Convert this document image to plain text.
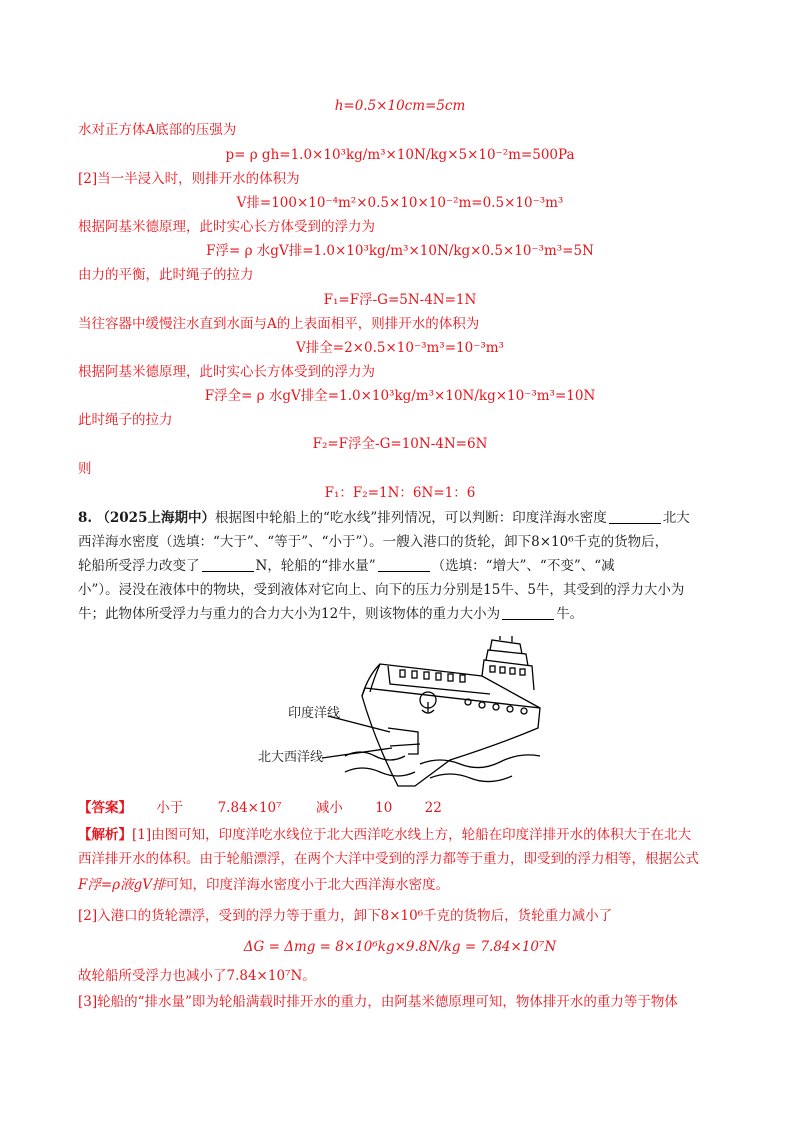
h=0.5×10cm=5cm
水对正方体A底部的压强为
p= ρ gh=1.0×10³kg/m³×10N/kg×5×10⁻²m=500Pa
[2]当一半浸入时，则排开水的体积为
V排=100×10⁻⁴m²×0.5×10×10⁻²m=0.5×10⁻³m³
根据阿基米德原理，此时实心长方体受到的浮力为
F浮= ρ 水gV排=1.0×10³kg/m³×10N/kg×0.5×10⁻³m³=5N
由力的平衡，此时绳子的拉力
F₁=F浮-G=5N-4N=1N
当往容器中缓慢注水直到水面与A的上表面相平，则排开水的体积为
V排全=2×0.5×10⁻³m³=10⁻³m³
根据阿基米德原理，此时实心长方体受到的浮力为
F浮全= ρ 水gV排全=1.0×10³kg/m³×10N/kg×10⁻³m³=10N
此时绳子的拉力
F₂=F浮全-G=10N-4N=6N
则
F₁：F₂=1N：6N=1：6
8. （2025上海期中）根据图中轮船上的“吃水线”排列情况，可以判断：印度洋海水密度	北大
西洋海水密度（选填：“大于”、“等于”、“小于”）。一艘入港口的货轮，卸下8×10⁶千克的货物后，
轮船所受浮力改变了	N，轮船的“排水量”	（选填：“增大”、“不变”、“减
小”）。浸没在液体中的物块，受到液体对它向上、向下的压力分别是15牛、5牛，其受到的浮力大小为
牛；此物体所受浮力与重力的合力大小为12牛，则该物体的重力大小为	牛。
印度洋线
北大西洋线
【答案】 小于	7.84×10⁷	减小 10 22
【解析】[1]由图可知，印度洋吃水线位于北大西洋吃水线上方，轮船在印度洋排开水的体积大于在北大
西洋排开水的体积。由于轮船漂浮，在两个大洋中受到的浮力都等于重力，即受到的浮力相等，根据公式
F浮=ρ液gV排可知，印度洋海水密度小于北大西洋海水密度。
[2]入港口的货轮漂浮，受到的浮力等于重力，卸下8×10⁶千克的货物后，货轮重力减小了
ΔG = Δmg = 8×10⁶kg×9.8N/kg = 7.84×10⁷N
故轮船所受浮力也减小了7.84×10⁷N。
[3]轮船的“排水量”即为轮船满载时排开水的重力，由阿基米德原理可知，物体排开水的重力等于物体
